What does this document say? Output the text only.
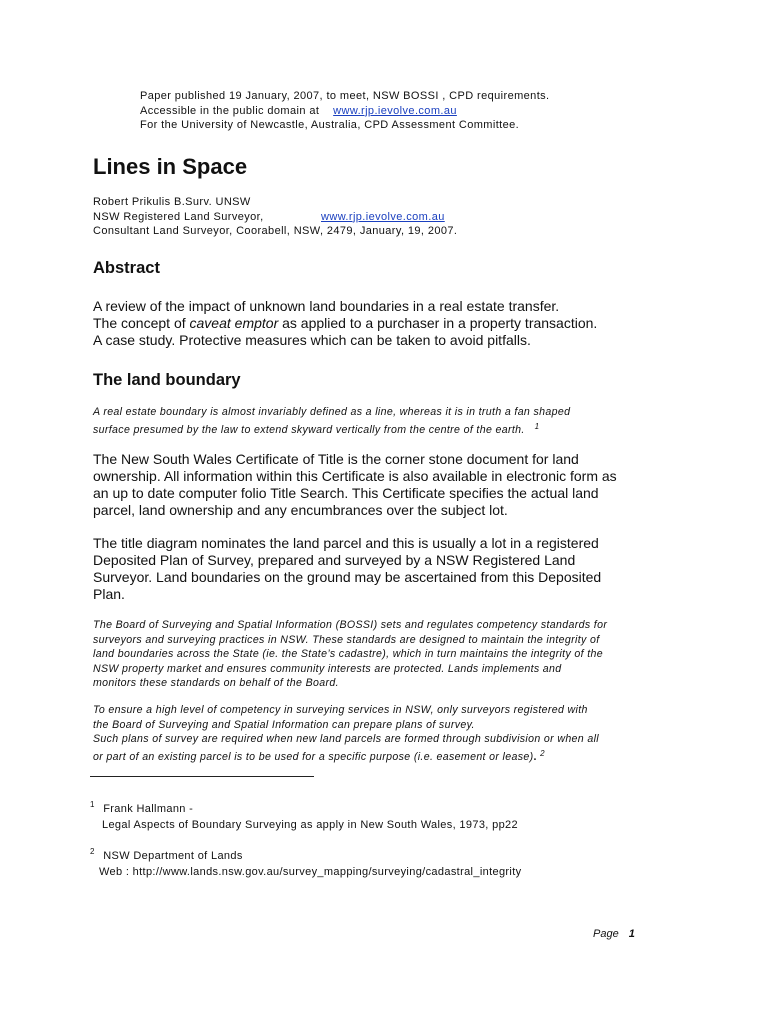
Paper published 19 January, 2007, to meet, NSW BOSSI , CPD requirements.
Accessible in the public domain at    www.rjp.ievolve.com.au
For the University of Newcastle, Australia, CPD Assessment Committee.
Lines in Space
Robert Prikulis B.Surv. UNSW
NSW Registered Land Surveyor,	www.rjp.ievolve.com.au
Consultant Land Surveyor, Coorabell, NSW, 2479, January, 19, 2007.
Abstract

A review of the impact of unknown land boundaries in a real estate transfer.

The concept of caveat emptor as applied to a purchaser in a property transaction.

A case study. Protective measures which can be taken to avoid pitfalls.

The land boundary

A real estate boundary is almost invariably defined as a line, whereas it is in truth a fan shaped

surface presumed by the law to extend skyward vertically from the centre of the earth. $^1$

The New South Wales Certificate of Title is the corner stone document for land

ownership. All information within this Certificate is also available in electronic form as

an up to date computer folio Title Search. This Certificate specifies the actual land

parcel, land ownership and any encumbrances over the subject lot.

The title diagram nominates the land parcel and this is usually a lot in a registered

Deposited Plan of Survey, prepared and surveyed by a NSW Registered Land

Surveyor. Land boundaries on the ground may be ascertained from this Deposited

Plan.

The Board of Surveying and Spatial Information (BOSSI) sets and regulates competency standards for

surveyors and surveying practices in NSW. These standards are designed to maintain the integrity of

land boundaries across the State (ie. the State’s cadastre), which in turn maintains the integrity of the

NSW property market and ensures community interests are protected. Lands implements and

monitors these standards on behalf of the Board.

To ensure a high level of competency in surveying services in NSW, only surveyors registered with

the Board of Surveying and Spatial Information can prepare plans of survey.

Such plans of survey are required when new land parcels are formed through subdivision or when all

or part of an existing parcel is to be used for a specific purpose (i.e. easement or lease). $^2$

$^1$ Frank Hallmann -
Legal Aspects of Boundary Surveying as apply in New South Wales, 1973, pp22
$^2$ NSW Department of Lands
Web : http://www.lands.nsw.gov.au/survey_mapping/surveying/cadastral_integrity
Page 1
